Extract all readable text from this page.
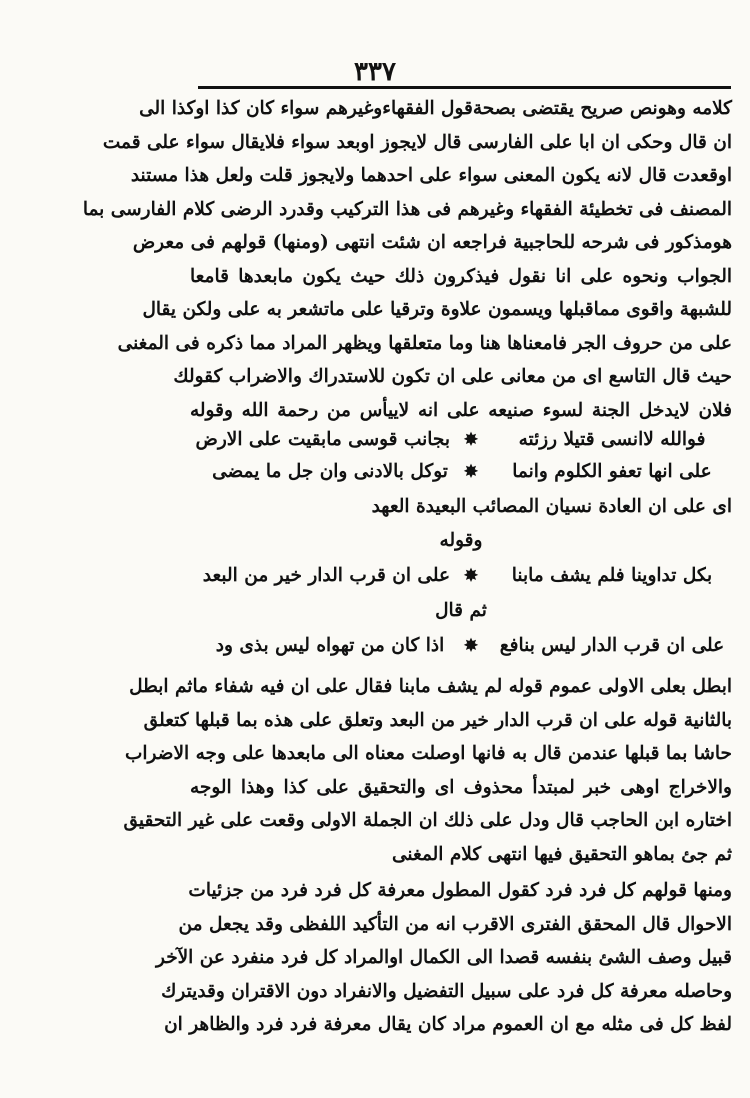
٣٣٧
كلامه وهونص صريح يقتضى بصحةقول الفقهاءوغيرهم سواء كان كذا اوكذا الى
ان قال وحكى ان ابا على الفارسى قال لايجوز اوبعد سواء فلايقال سواء على قمت
اوقعدت قال لانه يكون المعنى سواء على احدهما ولايجوز قلت ولعل هذا مستند
المصنف فى تخطيئة الفقهاء وغيرهم فى هذا التركيب وقدرد الرضى كلام الفارسى بما
هومذكور فى شرحه للحاجبية فراجعه ان شئت انتهى (ومنها) قولهم فى معرض
الجواب ونحوه على انا نقول فيذكرون ذلك حيث يكون مابعدها قامعا
للشبهة واقوى مماقبلها ويسمون علاوة وترقيا على ماتشعر به على ولكن يقال
على من حروف الجر فامعناها هنا وما متعلقها ويظهر المراد مما ذكره فى المغنى
حيث قال التاسع اى من معانى على ان تكون للاستدراك والاضراب كقولك
فلان لايدخل الجنة لسوء صنيعه على انه لاييأس من رحمة الله وقوله
فوالله لاانسى قتيلا رزئته
✸
بجانب قوسى مابقيت على الارض
على انها تعفو الكلوم وانما
✸
توكل بالادنى وان جل ما يمضى
اى على ان العادة نسيان المصائب البعيدة العهد
وقوله
بكل تداوينا فلم يشف مابنا
✸
على ان قرب الدار خير من البعد
ثم قال
على ان قرب الدار ليس بنافع
✸
اذا كان من تهواه ليس بذى ود
ابطل بعلى الاولى عموم قوله لم يشف مابنا فقال على ان فيه شفاء ماثم ابطل
بالثانية قوله على ان قرب الدار خير من البعد وتعلق على هذه بما قبلها كتعلق
حاشا بما قبلها عندمن قال به فانها اوصلت معناه الى مابعدها على وجه الاضراب
والاخراج اوهى خبر لمبتدأ محذوف اى والتحقيق على كذا وهذا الوجه
اختاره ابن الحاجب قال ودل على ذلك ان الجملة الاولى وقعت على غير التحقيق
ثم جئ بماهو التحقيق فيها انتهى كلام المغنى
ومنها قولهم كل فرد فرد كقول المطول معرفة كل فرد فرد من جزئيات
الاحوال قال المحقق الفترى الاقرب انه من التأكيد اللفظى وقد يجعل من
قبيل وصف الشئ بنفسه قصدا الى الكمال اوالمراد كل فرد منفرد عن الآخر
وحاصله معرفة كل فرد على سبيل التفضيل والانفراد دون الاقتران وقديترك
لفظ كل فى مثله مع ان العموم مراد كان يقال معرفة فرد فرد والظاهر ان
